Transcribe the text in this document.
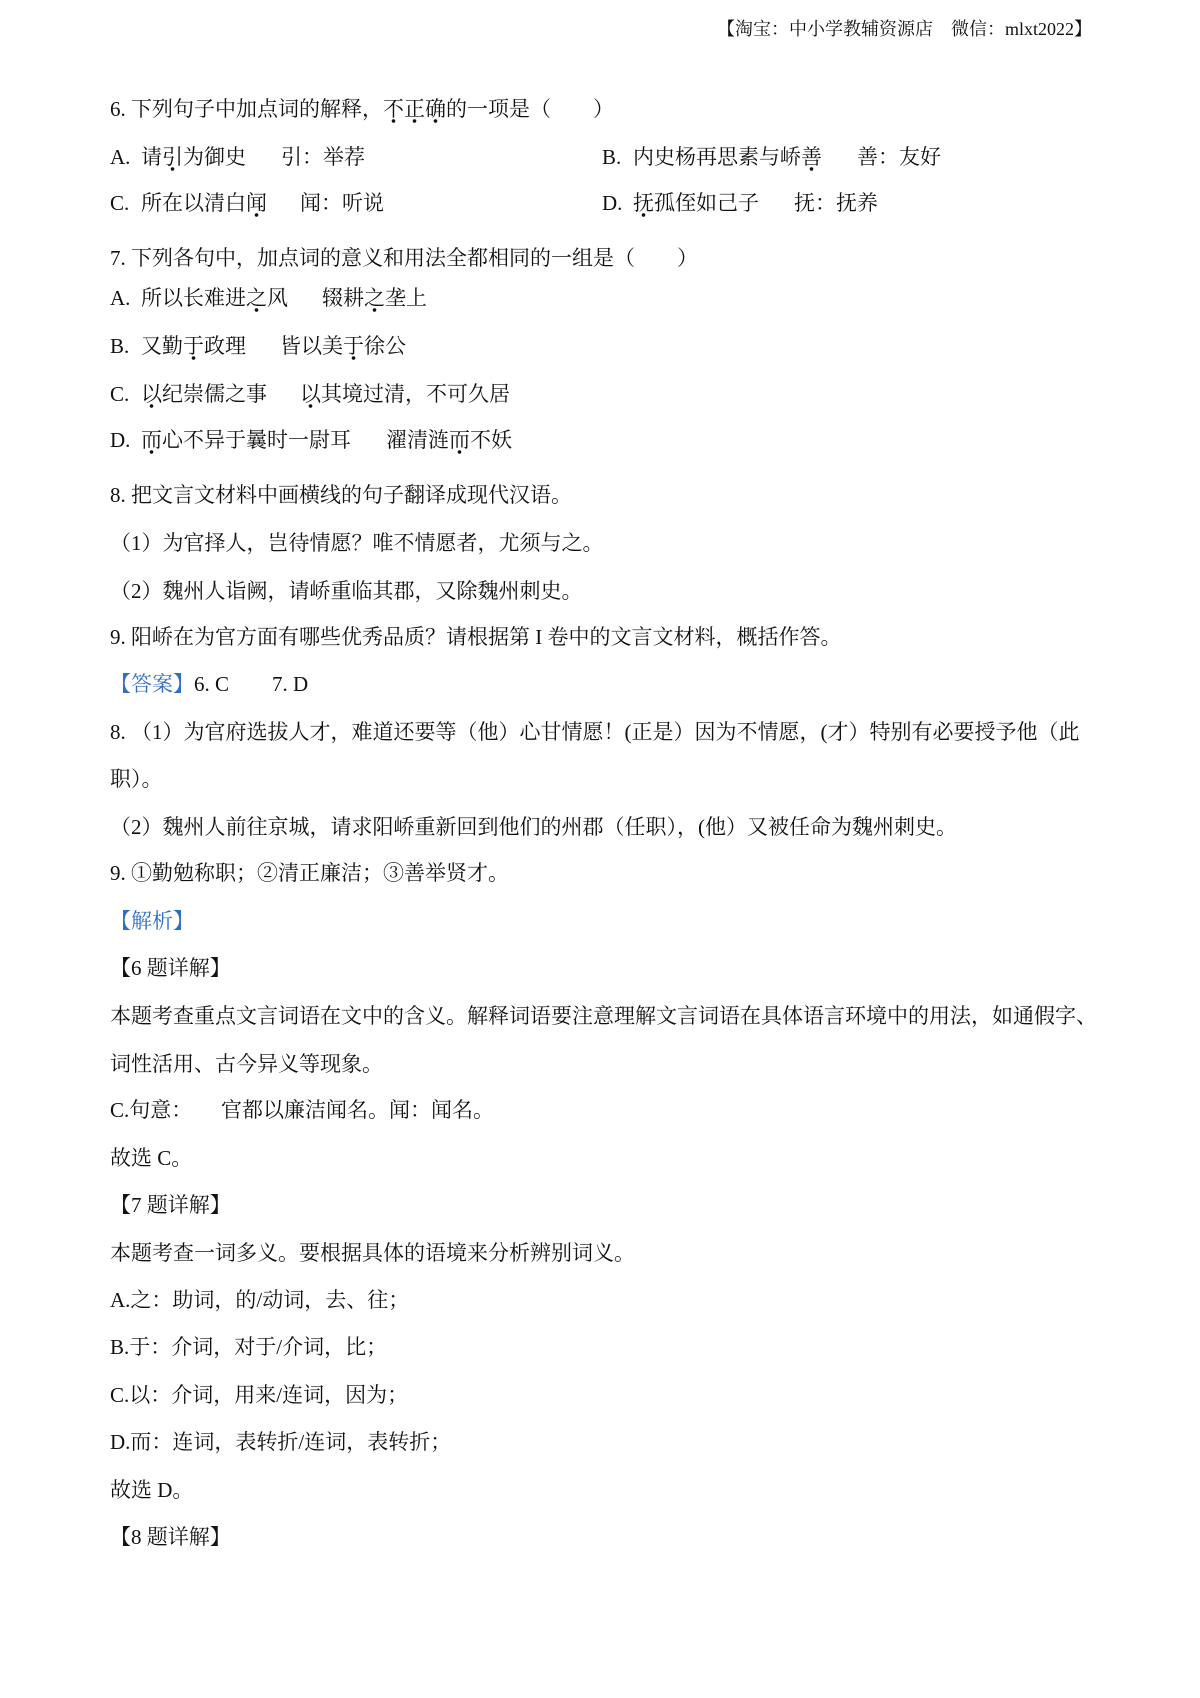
【淘宝：中小学教辅资源店　微信：mlxt2022】
6. 下列句子中加点词的解释，不正确的一项是（　　）
A. 请引为御史 引：举荐	B. 内史杨再思素与峤善 善：友好
C. 所在以清白闻 闻：听说	D. 抚孤侄如己子 抚：抚养
7. 下列各句中，加点词的意义和用法全都相同的一组是（　　）
A. 所以长难进之风 辍耕之垄上
B. 又勤于政理 皆以美于徐公
C. 以纪崇儒之事 以其境过清，不可久居
D. 而心不异于曩时一尉耳 濯清涟而不妖
8. 把文言文材料中画横线的句子翻译成现代汉语。
（1）为官择人，岂待情愿？唯不情愿者，尤须与之。
（2）魏州人诣阙，请峤重临其郡，又除魏州刺史。
9. 阳峤在为官方面有哪些优秀品质？请根据第 I 卷中的文言文材料，概括作答。
【答案】6. C 7. D
8. （1）为官府选拔人才，难道还要等（他）心甘情愿！(正是）因为不情愿，(才）特别有必要授予他（此
职）。
（2）魏州人前往京城，请求阳峤重新回到他们的州郡（任职），(他）又被任命为魏州刺史。
9. ①勤勉称职；②清正廉洁；③善举贤才。
【解析】
【6 题详解】
本题考查重点文言词语在文中的含义。解释词语要注意理解文言词语在具体语言环境中的用法，如通假字、
词性活用、古今异义等现象。
C.句意： 官都以廉洁闻名。闻：闻名。
故选 C。
【7 题详解】
本题考查一词多义。要根据具体的语境来分析辨别词义。
A.之：助词，的/动词，去、往；
B.于：介词，对于/介词，比；
C.以：介词，用来/连词，因为；
D.而：连词，表转折/连词，表转折；
故选 D。
【8 题详解】
